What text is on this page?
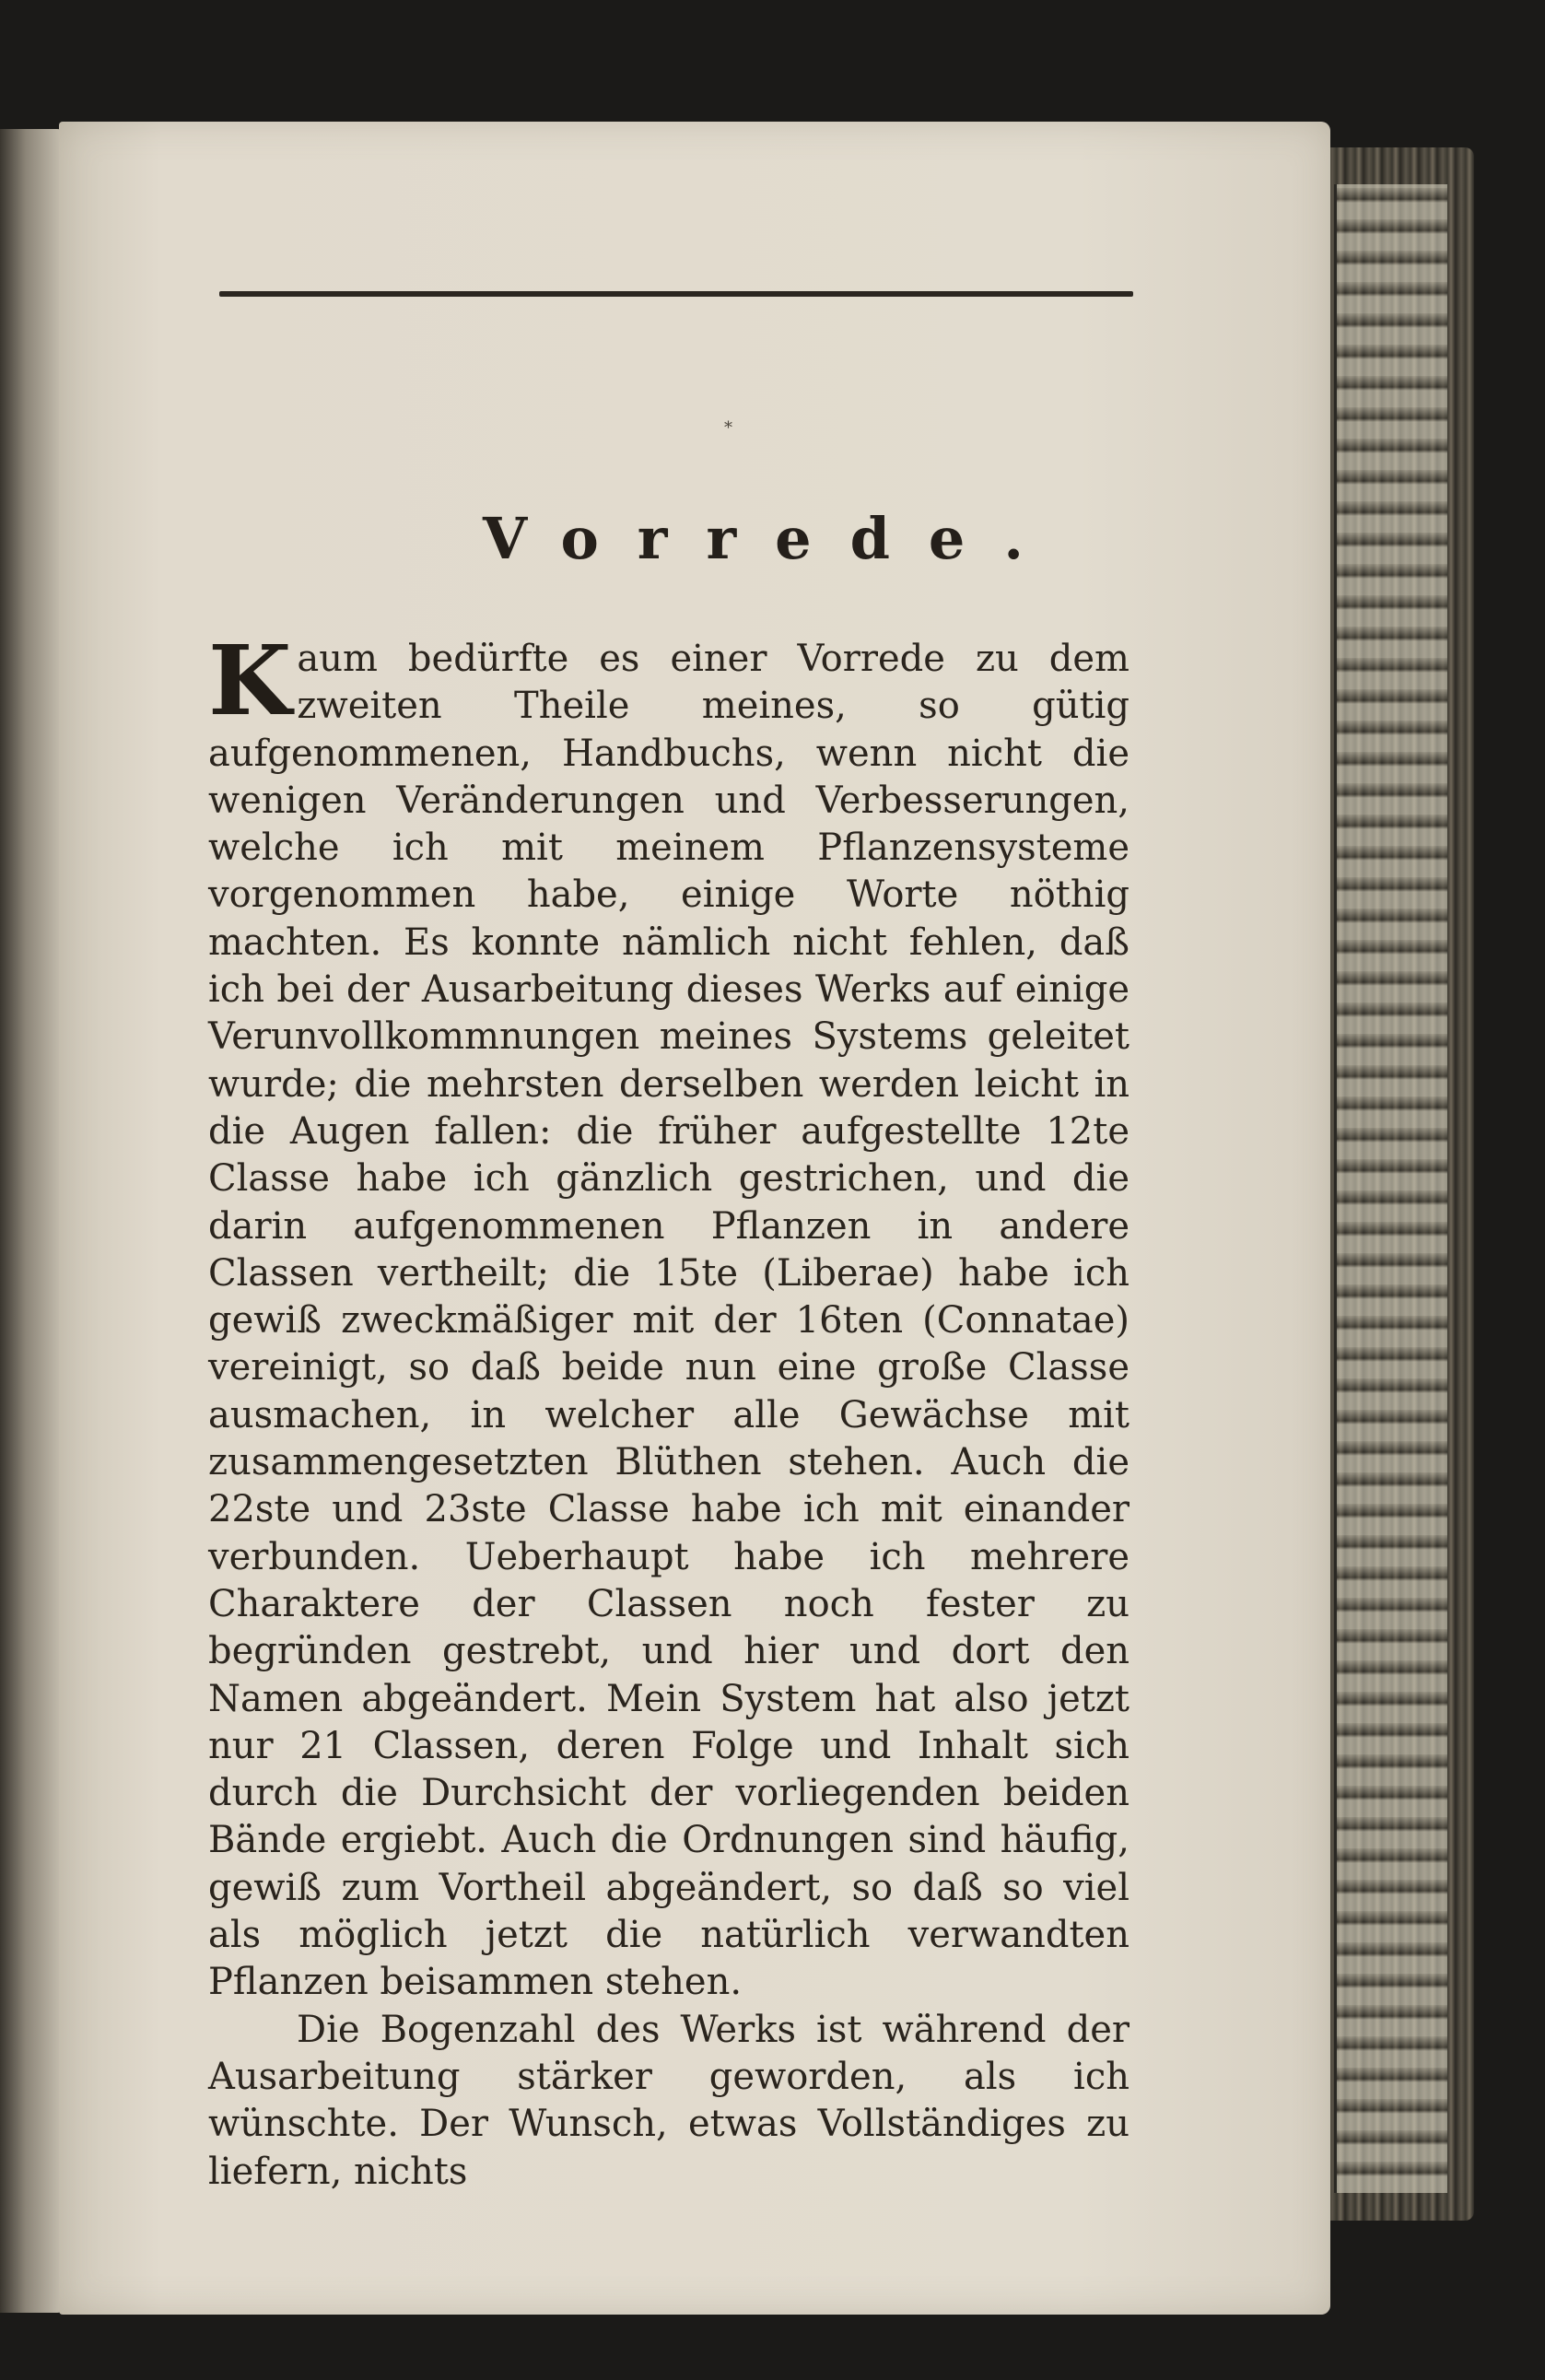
*
Vorrede.

Kaum bedürfte es einer Vorrede zu dem zweiten Theile meines, so gütig aufgenommenen, Handbuchs, wenn nicht die wenigen Veränderungen und Verbesserungen, welche ich mit meinem Pflanzensysteme vorgenommen habe, einige Worte nöthig machten. Es konnte nämlich nicht fehlen, daß ich bei der Ausarbeitung dieses Werks auf einige Verunvollkommnungen meines Systems geleitet wurde; die mehrsten derselben werden leicht in die Augen fallen: die früher aufgestellte 12te Classe habe ich gänzlich gestrichen, und die darin aufgenommenen Pflanzen in andere Classen vertheilt; die 15te (Liberae) habe ich gewiß zweckmäßiger mit der 16ten (Connatae) vereinigt, so daß beide nun eine große Classe ausmachen, in welcher alle Gewächse mit zusammengesetzten Blüthen stehen. Auch die 22ste und 23ste Classe habe ich mit einander verbunden. Ueberhaupt habe ich mehrere Charaktere der Classen noch fester zu begründen gestrebt, und hier und dort den Namen abgeändert. Mein System hat also jetzt nur 21 Classen, deren Folge und Inhalt sich durch die Durchsicht der vorliegenden beiden Bände ergiebt. Auch die Ordnungen sind häufig, gewiß zum Vortheil abgeändert, so daß so viel als möglich jetzt die natürlich verwandten Pflanzen beisammen stehen.

Die Bogenzahl des Werks ist während der Ausarbeitung stärker geworden, als ich wünschte. Der Wunsch, etwas Vollständiges zu liefern, nichts
